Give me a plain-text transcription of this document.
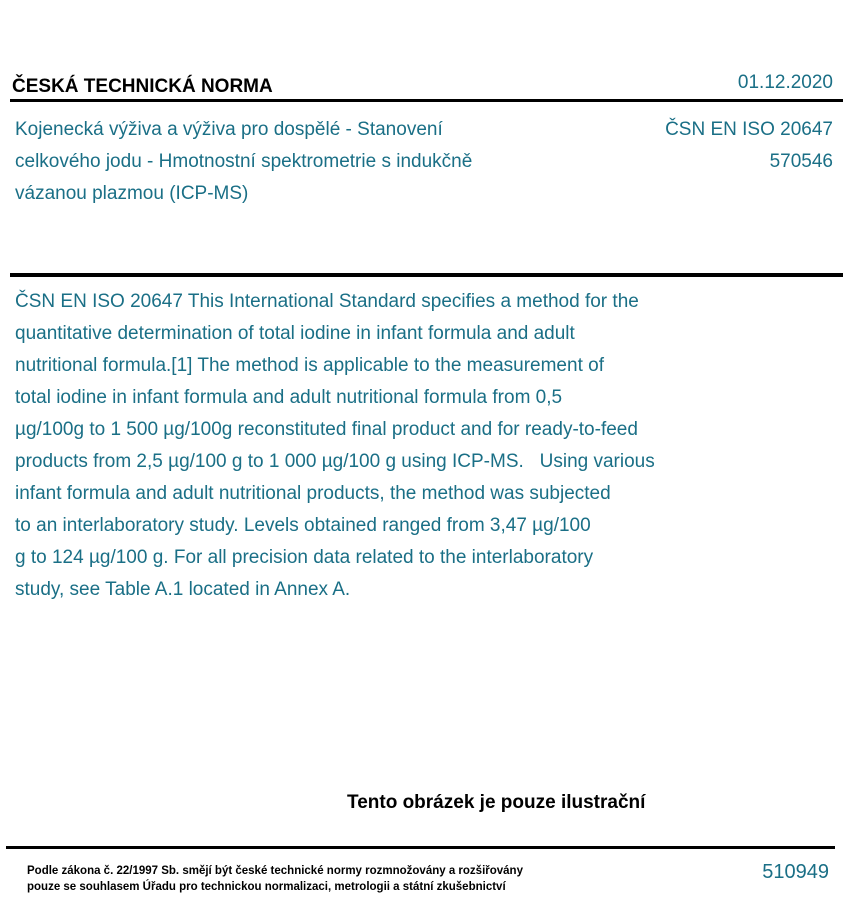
ČESKÁ TECHNICKÁ NORMA	01.12.2020
Kojenecká výživa a výživa pro dospělé - Stanovení
celkového jodu - Hmotnostní spektrometrie s indukčně
vázanou plazmou (ICP-MS)
ČSN EN ISO 20647
570546
ČSN EN ISO 20647 This International Standard specifies a method for the
quantitative determination of total iodine in infant formula and adult
nutritional formula.[1] The method is applicable to the measurement of
total iodine in infant formula and adult nutritional formula from 0,5
µg/100g to 1 500 µg/100g reconstituted final product and for ready-to-feed
products from 2,5 µg/100 g to 1 000 µg/100 g using ICP-MS.   Using various
infant formula and adult nutritional products, the method was subjected
to an interlaboratory study. Levels obtained ranged from 3,47 µg/100
g to 124 µg/100 g. For all precision data related to the interlaboratory
study, see Table A.1 located in Annex A.
Tento obrázek je pouze ilustrační
Podle zákona č. 22/1997 Sb. smějí být české technické normy rozmnožovány a rozšiřovány
pouze se souhlasem Úřadu pro technickou normalizaci, metrologii a státní zkušebnictví
510949
